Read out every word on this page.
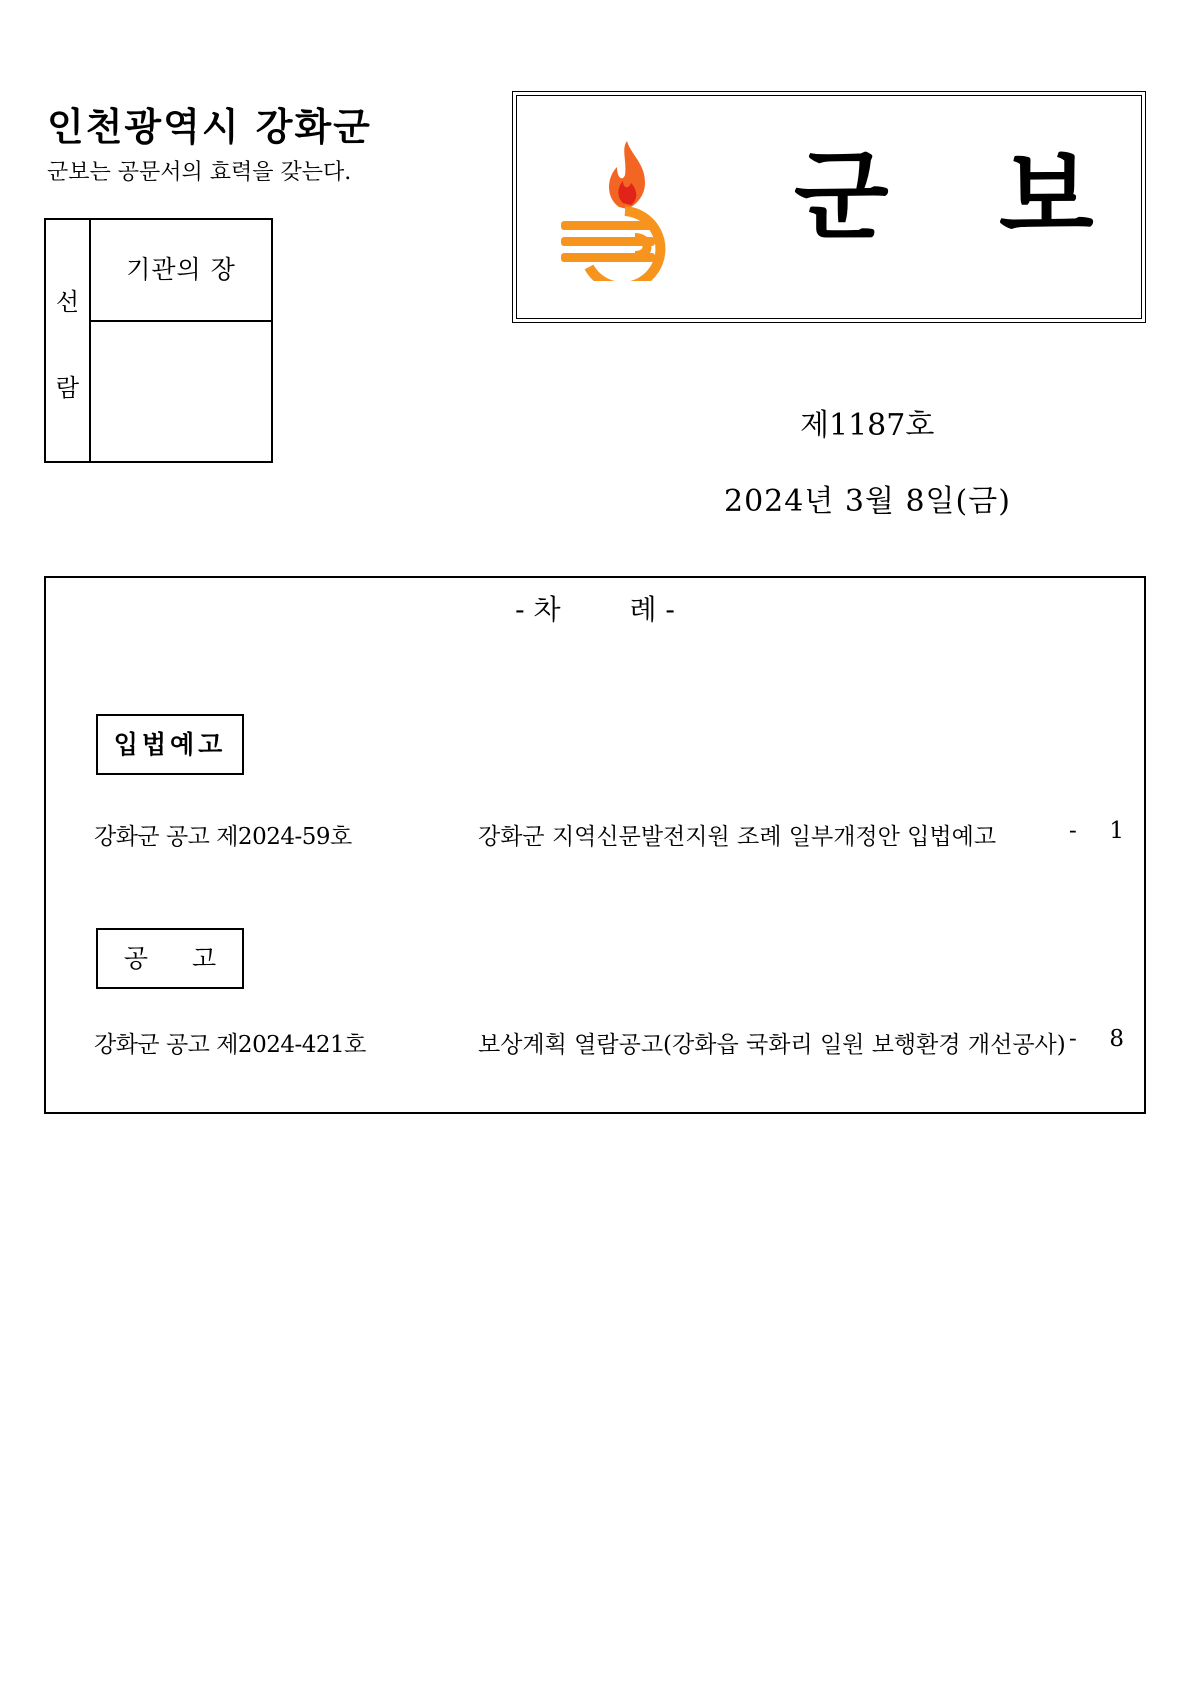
인천광역시 강화군
군보는 공문서의 효력을 갖는다.
선
람
기관의 장
군 보
제1187호
2024년 3월 8일(금)
- 차 례 -
입법예고
강화군 공고 제2024-59호	강화군 지역신문발전지원 조례 일부개정안 입법예고	- 1
공 고
강화군 공고 제2024-421호	보상계획 열람공고(강화읍 국화리 일원 보행환경 개선공사) - 8
